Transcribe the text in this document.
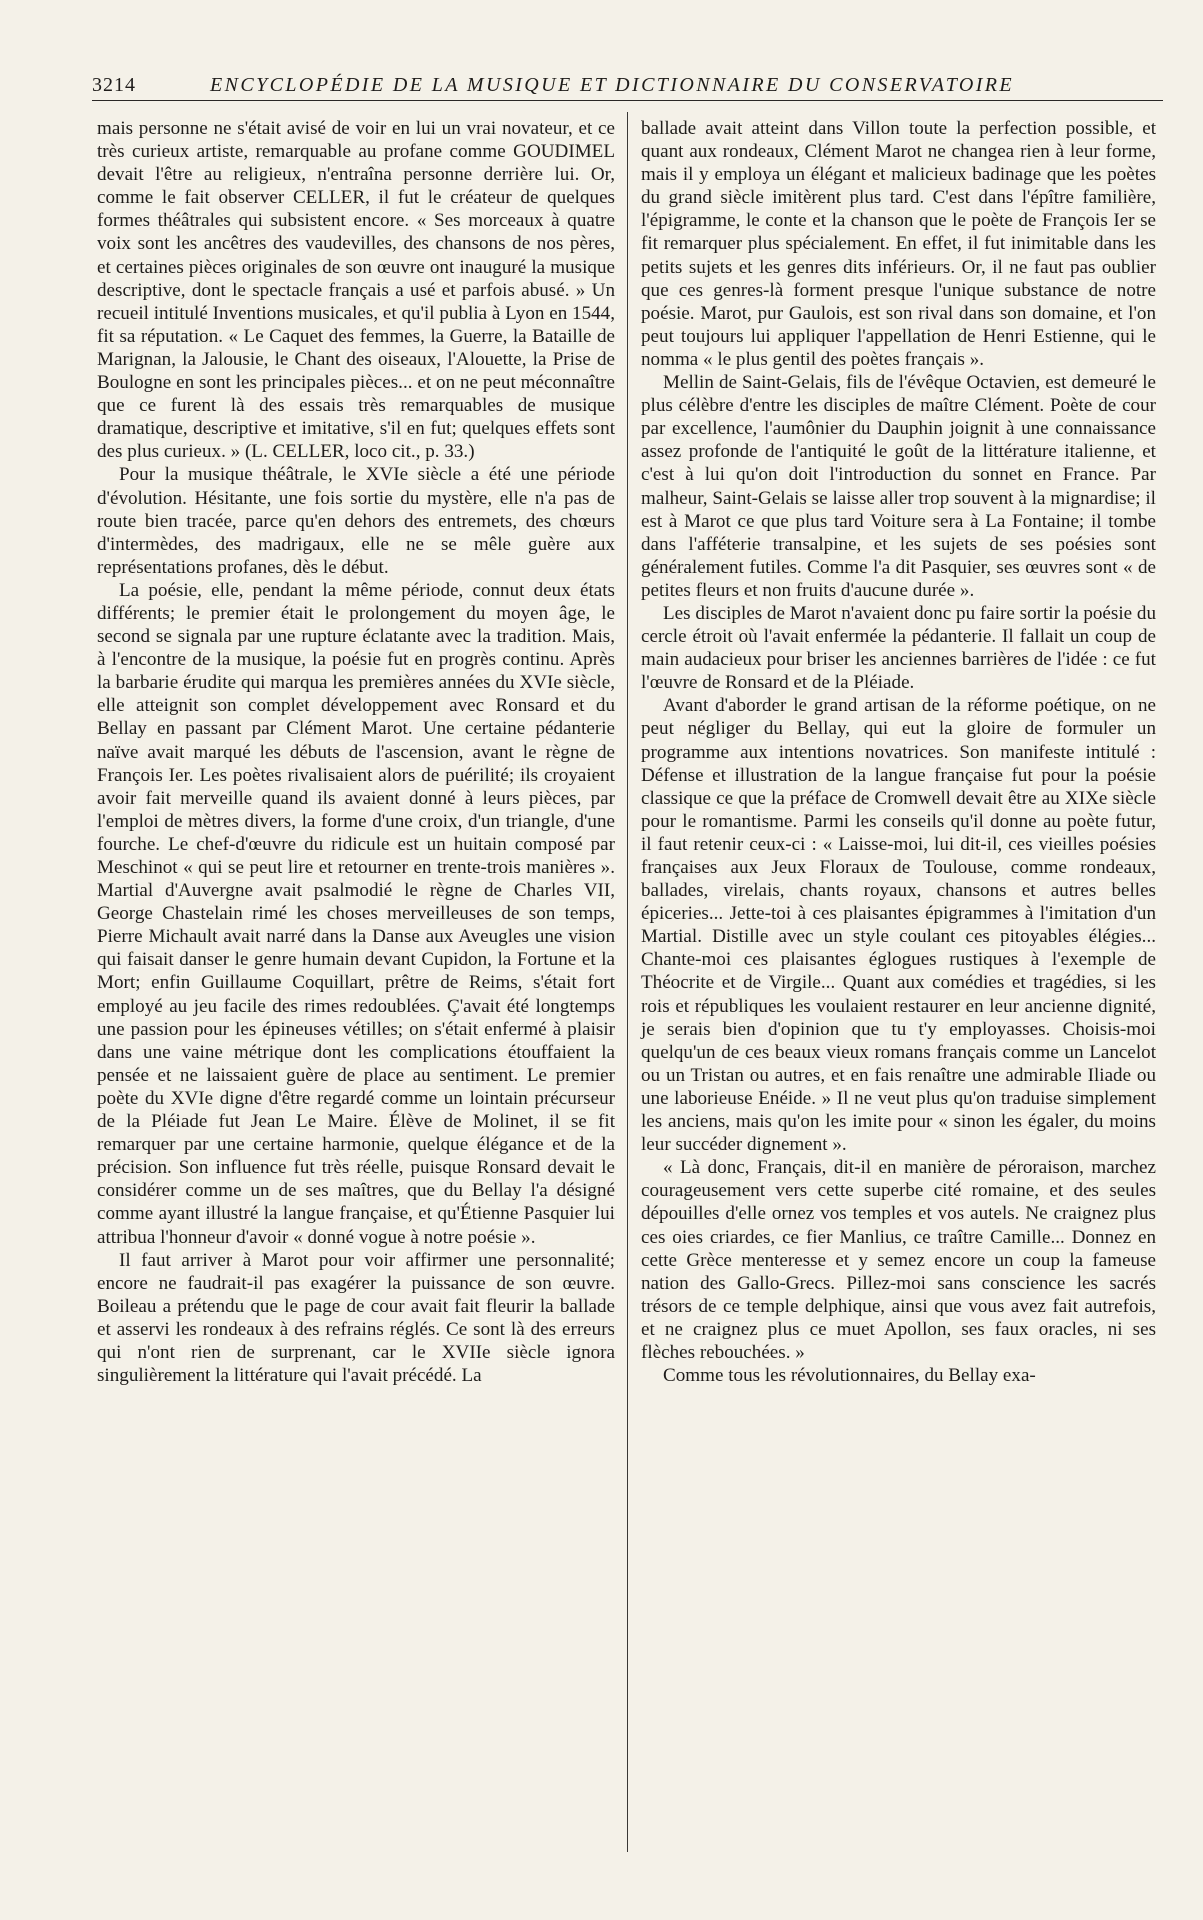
3214	ENCYCLOPÉDIE DE LA MUSIQUE ET DICTIONNAIRE DU CONSERVATOIRE

mais personne ne s'était avisé de voir en lui un vrai novateur, et ce très curieux artiste, remarquable au profane comme GOUDIMEL devait l'être au religieux, n'entraîna personne derrière lui. Or, comme le fait observer CELLER, il fut le créateur de quelques formes théâtrales qui subsistent encore. « Ses morceaux à quatre voix sont les ancêtres des vaudevilles, des chansons de nos pères, et certaines pièces originales de son œuvre ont inauguré la musique descriptive, dont le spectacle français a usé et parfois abusé. » Un recueil intitulé Inventions musicales, et qu'il publia à Lyon en 1544, fit sa réputation. « Le Caquet des femmes, la Guerre, la Bataille de Marignan, la Jalousie, le Chant des oiseaux, l'Alouette, la Prise de Boulogne en sont les principales pièces... et on ne peut méconnaître que ce furent là des essais très remarquables de musique dramatique, descriptive et imitative, s'il en fut; quelques effets sont des plus curieux. » (L. CELLER, loco cit., p. 33.)

Pour la musique théâtrale, le XVIe siècle a été une période d'évolution. Hésitante, une fois sortie du mystère, elle n'a pas de route bien tracée, parce qu'en dehors des entremets, des chœurs d'intermèdes, des madrigaux, elle ne se mêle guère aux représentations profanes, dès le début.

La poésie, elle, pendant la même période, connut deux états différents; le premier était le prolongement du moyen âge, le second se signala par une rupture éclatante avec la tradition. Mais, à l'encontre de la musique, la poésie fut en progrès continu. Après la barbarie érudite qui marqua les premières années du XVIe siècle, elle atteignit son complet développement avec Ronsard et du Bellay en passant par Clément Marot. Une certaine pédanterie naïve avait marqué les débuts de l'ascension, avant le règne de François Ier. Les poètes rivalisaient alors de puérilité; ils croyaient avoir fait merveille quand ils avaient donné à leurs pièces, par l'emploi de mètres divers, la forme d'une croix, d'un triangle, d'une fourche. Le chef-d'œuvre du ridicule est un huitain composé par Meschinot « qui se peut lire et retourner en trente-trois manières ». Martial d'Auvergne avait psalmodié le règne de Charles VII, George Chastelain rimé les choses merveilleuses de son temps, Pierre Michault avait narré dans la Danse aux Aveugles une vision qui faisait danser le genre humain devant Cupidon, la Fortune et la Mort; enfin Guillaume Coquillart, prêtre de Reims, s'était fort employé au jeu facile des rimes redoublées. Ç'avait été longtemps une passion pour les épineuses vétilles; on s'était enfermé à plaisir dans une vaine métrique dont les complications étouffaient la pensée et ne laissaient guère de place au sentiment. Le premier poète du XVIe digne d'être regardé comme un lointain précurseur de la Pléiade fut Jean Le Maire. Élève de Molinet, il se fit remarquer par une certaine harmonie, quelque élégance et de la précision. Son influence fut très réelle, puisque Ronsard devait le considérer comme un de ses maîtres, que du Bellay l'a désigné comme ayant illustré la langue française, et qu'Étienne Pasquier lui attribua l'honneur d'avoir « donné vogue à notre poésie ».

Il faut arriver à Marot pour voir affirmer une personnalité; encore ne faudrait-il pas exagérer la puissance de son œuvre. Boileau a prétendu que le page de cour avait fait fleurir la ballade et asservi les rondeaux à des refrains réglés. Ce sont là des erreurs qui n'ont rien de surprenant, car le XVIIe siècle ignora singulièrement la littérature qui l'avait précédé. La

ballade avait atteint dans Villon toute la perfection possible, et quant aux rondeaux, Clément Marot ne changea rien à leur forme, mais il y employa un élégant et malicieux badinage que les poètes du grand siècle imitèrent plus tard. C'est dans l'épître familière, l'épigramme, le conte et la chanson que le poète de François Ier se fit remarquer plus spécialement. En effet, il fut inimitable dans les petits sujets et les genres dits inférieurs. Or, il ne faut pas oublier que ces genres-là forment presque l'unique substance de notre poésie. Marot, pur Gaulois, est son rival dans son domaine, et l'on peut toujours lui appliquer l'appellation de Henri Estienne, qui le nomma « le plus gentil des poètes français ».

Mellin de Saint-Gelais, fils de l'évêque Octavien, est demeuré le plus célèbre d'entre les disciples de maître Clément. Poète de cour par excellence, l'aumônier du Dauphin joignit à une connaissance assez profonde de l'antiquité le goût de la littérature italienne, et c'est à lui qu'on doit l'introduction du sonnet en France. Par malheur, Saint-Gelais se laisse aller trop souvent à la mignardise; il est à Marot ce que plus tard Voiture sera à La Fontaine; il tombe dans l'afféterie transalpine, et les sujets de ses poésies sont généralement futiles. Comme l'a dit Pasquier, ses œuvres sont « de petites fleurs et non fruits d'aucune durée ».

Les disciples de Marot n'avaient donc pu faire sortir la poésie du cercle étroit où l'avait enfermée la pédanterie. Il fallait un coup de main audacieux pour briser les anciennes barrières de l'idée : ce fut l'œuvre de Ronsard et de la Pléiade.

Avant d'aborder le grand artisan de la réforme poétique, on ne peut négliger du Bellay, qui eut la gloire de formuler un programme aux intentions novatrices. Son manifeste intitulé : Défense et illustration de la langue française fut pour la poésie classique ce que la préface de Cromwell devait être au XIXe siècle pour le romantisme. Parmi les conseils qu'il donne au poète futur, il faut retenir ceux-ci : « Laisse-moi, lui dit-il, ces vieilles poésies françaises aux Jeux Floraux de Toulouse, comme rondeaux, ballades, virelais, chants royaux, chansons et autres belles épiceries... Jette-toi à ces plaisantes épigrammes à l'imitation d'un Martial. Distille avec un style coulant ces pitoyables élégies... Chante-moi ces plaisantes églogues rustiques à l'exemple de Théocrite et de Virgile... Quant aux comédies et tragédies, si les rois et républiques les voulaient restaurer en leur ancienne dignité, je serais bien d'opinion que tu t'y employasses. Choisis-moi quelqu'un de ces beaux vieux romans français comme un Lancelot ou un Tristan ou autres, et en fais renaître une admirable Iliade ou une laborieuse Enéide. » Il ne veut plus qu'on traduise simplement les anciens, mais qu'on les imite pour « sinon les égaler, du moins leur succéder dignement ».

« Là donc, Français, dit-il en manière de péroraison, marchez courageusement vers cette superbe cité romaine, et des seules dépouilles d'elle ornez vos temples et vos autels. Ne craignez plus ces oies criardes, ce fier Manlius, ce traître Camille... Donnez en cette Grèce menteresse et y semez encore un coup la fameuse nation des Gallo-Grecs. Pillez-moi sans conscience les sacrés trésors de ce temple delphique, ainsi que vous avez fait autrefois, et ne craignez plus ce muet Apollon, ses faux oracles, ni ses flèches rebouchées. »

Comme tous les révolutionnaires, du Bellay exa-
